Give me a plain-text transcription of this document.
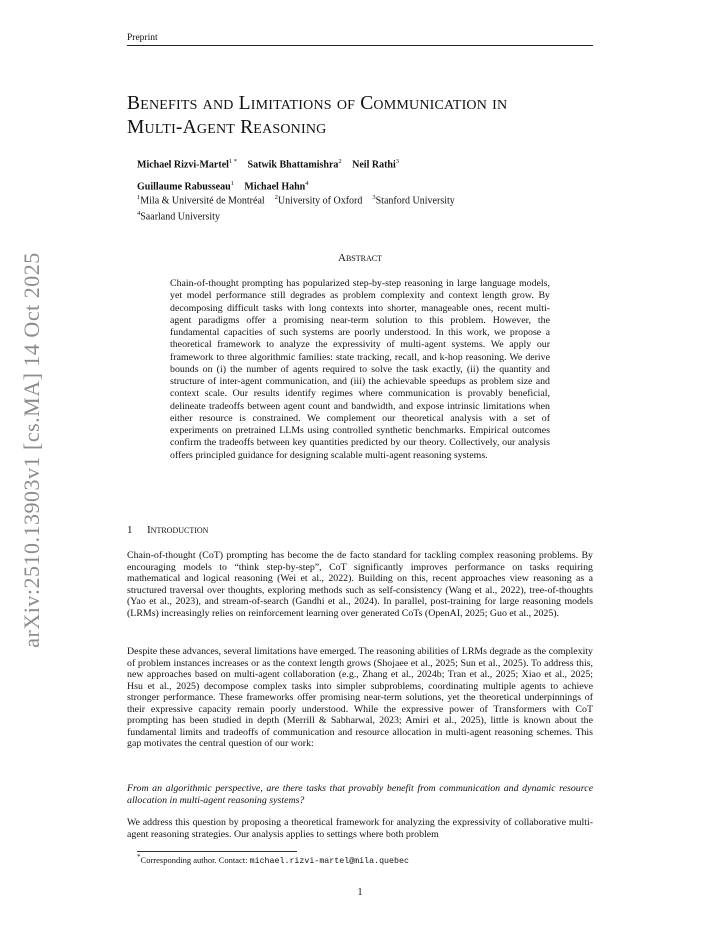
Preprint
Benefits and Limitations of Communication in
Multi-Agent Reasoning
Michael Rizvi-Martel$^{1 *}$ Satwik Bhattamishra$^2$ Neil Rathi$^3$
Guillaume Rabusseau$^1$ Michael Hahn$^4$
$^1$Mila & Université de Montréal $^2$University of Oxford $^3$Stanford University
$^4$Saarland University
arXiv:2510.13903v1 [cs.MA] 14 Oct 2025	Abstract
Chain-of-thought prompting has popularized step-by-step reasoning in large language models, yet model performance still degrades as problem complexity and context length grow. By decomposing difficult tasks with long contexts into shorter, manageable ones, recent multi-agent paradigms offer a promising near-term solution to this problem. However, the fundamental capacities of such systems are poorly understood. In this work, we propose a theoretical framework to analyze the expressivity of multi-agent systems. We apply our framework to three algorithmic families: state tracking, recall, and k-hop reasoning. We derive bounds on (i) the number of agents required to solve the task exactly, (ii) the quantity and structure of inter-agent communication, and (iii) the achievable speedups as problem size and context scale. Our results identify regimes where communication is provably beneficial, delineate tradeoffs between agent count and bandwidth, and expose intrinsic limitations when either resource is constrained. We complement our theoretical analysis with a set of experiments on pretrained LLMs using controlled synthetic benchmarks. Empirical outcomes confirm the tradeoffs between key quantities predicted by our theory. Collectively, our analysis offers principled guidance for designing scalable multi-agent reasoning systems.
1 Introduction
Chain-of-thought (CoT) prompting has become the de facto standard for tackling complex reasoning problems. By encouraging models to “think step-by-step”, CoT significantly improves performance on tasks requiring mathematical and logical reasoning (Wei et al., 2022). Building on this, recent approaches view reasoning as a structured traversal over thoughts, exploring methods such as self-consistency (Wang et al., 2022), tree-of-thoughts (Yao et al., 2023), and stream-of-search (Gandhi et al., 2024). In parallel, post-training for large reasoning models (LRMs) increasingly relies on reinforcement learning over generated CoTs (OpenAI, 2025; Guo et al., 2025).
Despite these advances, several limitations have emerged. The reasoning abilities of LRMs degrade as the complexity of problem instances increases or as the context length grows (Shojaee et al., 2025; Sun et al., 2025). To address this, new approaches based on multi-agent collaboration (e.g., Zhang et al., 2024b; Tran et al., 2025; Xiao et al., 2025; Hsu et al., 2025) decompose complex tasks into simpler subproblems, coordinating multiple agents to achieve stronger performance. These frameworks offer promising near-term solutions, yet the theoretical underpinnings of their expressive capacity remain poorly understood. While the expressive power of Transformers with CoT prompting has been studied in depth (Merrill & Sabharwal, 2023; Amiri et al., 2025), little is known about the fundamental limits and tradeoffs of communication and resource allocation in multi-agent reasoning schemes. This gap motivates the central question of our work:
From an algorithmic perspective, are there tasks that provably benefit from communication and dynamic resource allocation in multi-agent reasoning systems?
We address this question by proposing a theoretical framework for analyzing the expressivity of collaborative multi-agent reasoning strategies. Our analysis applies to settings where both problem
*Corresponding author. Contact: michael.rizvi-martel@mila.quebec
1
